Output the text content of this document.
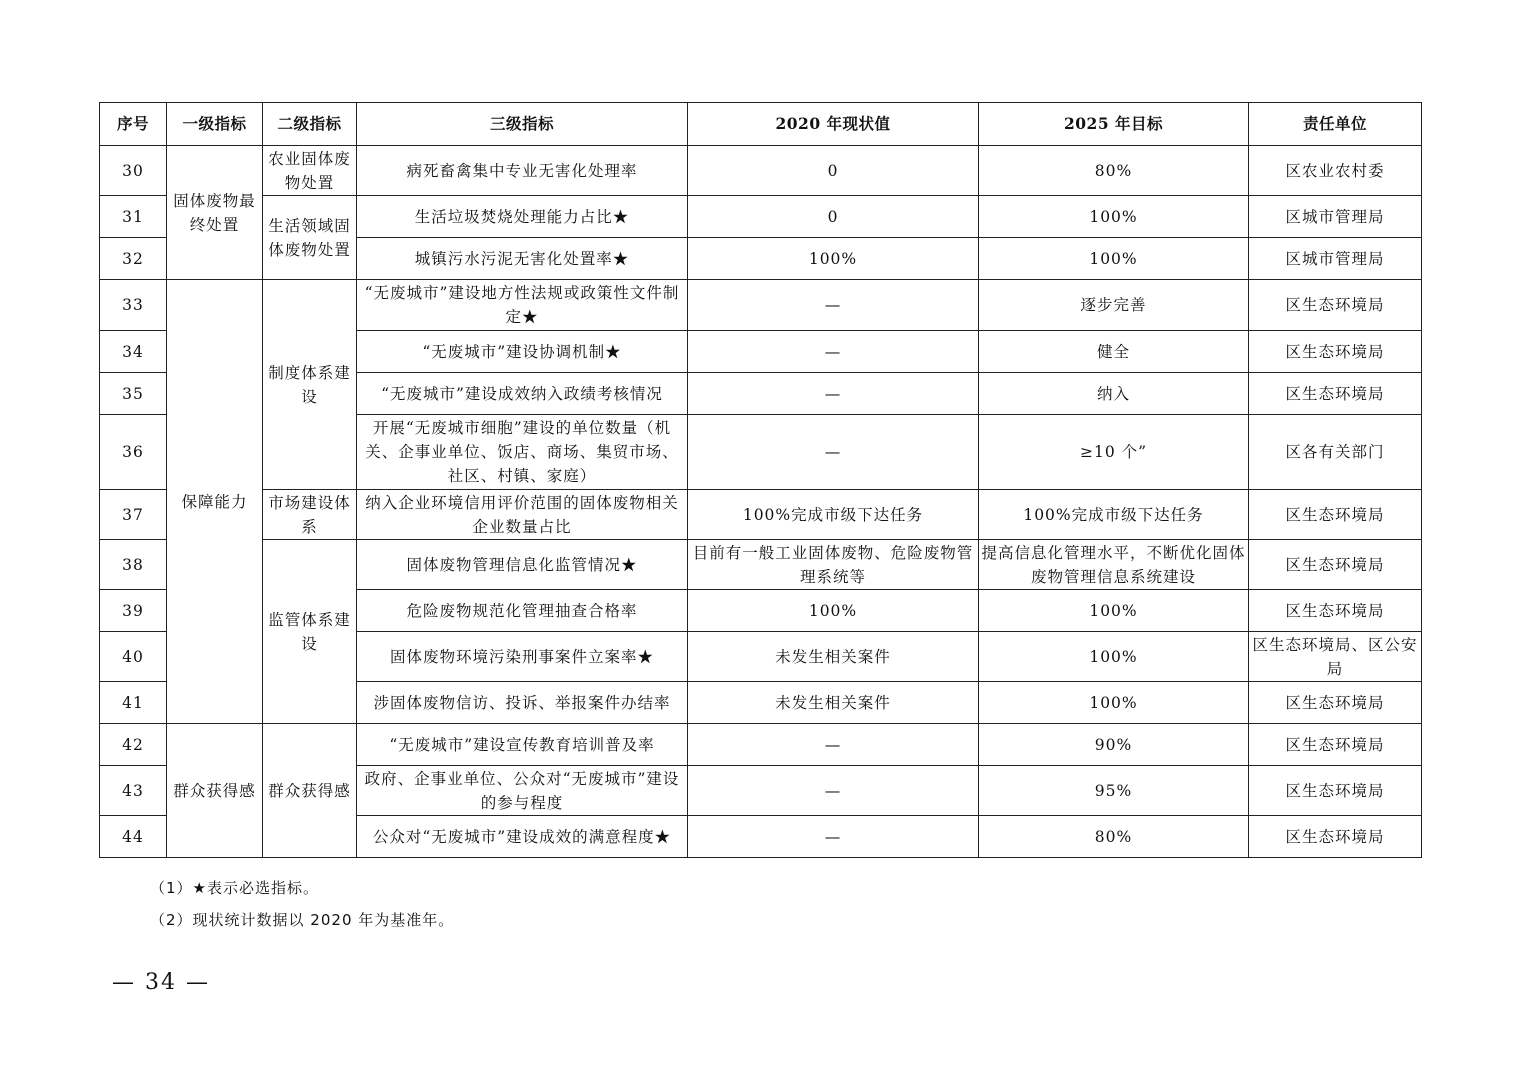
序号	一级指标	二级指标	三级指标	2020 年现状值	2025 年目标	责任单位
30	固体废物最终处置	农业固体废物处置	病死畜禽集中专业无害化处理率	0	80%	区农业农村委
31		生活领域固体废物处置	生活垃圾焚烧处理能力占比★	0	100%	区城市管理局
32			城镇污水污泥无害化处置率★	100%	100%	区城市管理局
33	保障能力	制度体系建设	“无废城市”建设地方性法规或政策性文件制定★	—	逐步完善	区生态环境局
34			“无废城市”建设协调机制★	—	健全	区生态环境局
35			“无废城市”建设成效纳入政绩考核情况	—	纳入	区生态环境局
36			开展“无废城市细胞”建设的单位数量（机关、企事业单位、饭店、商场、集贸市场、社区、村镇、家庭）	—	≥10 个”	区各有关部门
37		市场建设体系	纳入企业环境信用评价范围的固体废物相关企业数量占比	100%完成市级下达任务	100%完成市级下达任务	区生态环境局
38		监管体系建设	固体废物管理信息化监管情况★	目前有一般工业固体废物、危险废物管理系统等	提高信息化管理水平，不断优化固体废物管理信息系统建设	区生态环境局
39			危险废物规范化管理抽查合格率	100%	100%	区生态环境局
40			固体废物环境污染刑事案件立案率★	未发生相关案件	100%	区生态环境局、区公安局
41			涉固体废物信访、投诉、举报案件办结率	未发生相关案件	100%	区生态环境局
42	群众获得感	群众获得感	“无废城市”建设宣传教育培训普及率	—	90%	区生态环境局
43			政府、企事业单位、公众对“无废城市”建设的参与程度	—	95%	区生态环境局
44			公众对“无废城市”建设成效的满意程度★	—	80%	区生态环境局
（1）★表示必选指标。
（2）现状统计数据以 2020 年为基准年。
— 34 —
